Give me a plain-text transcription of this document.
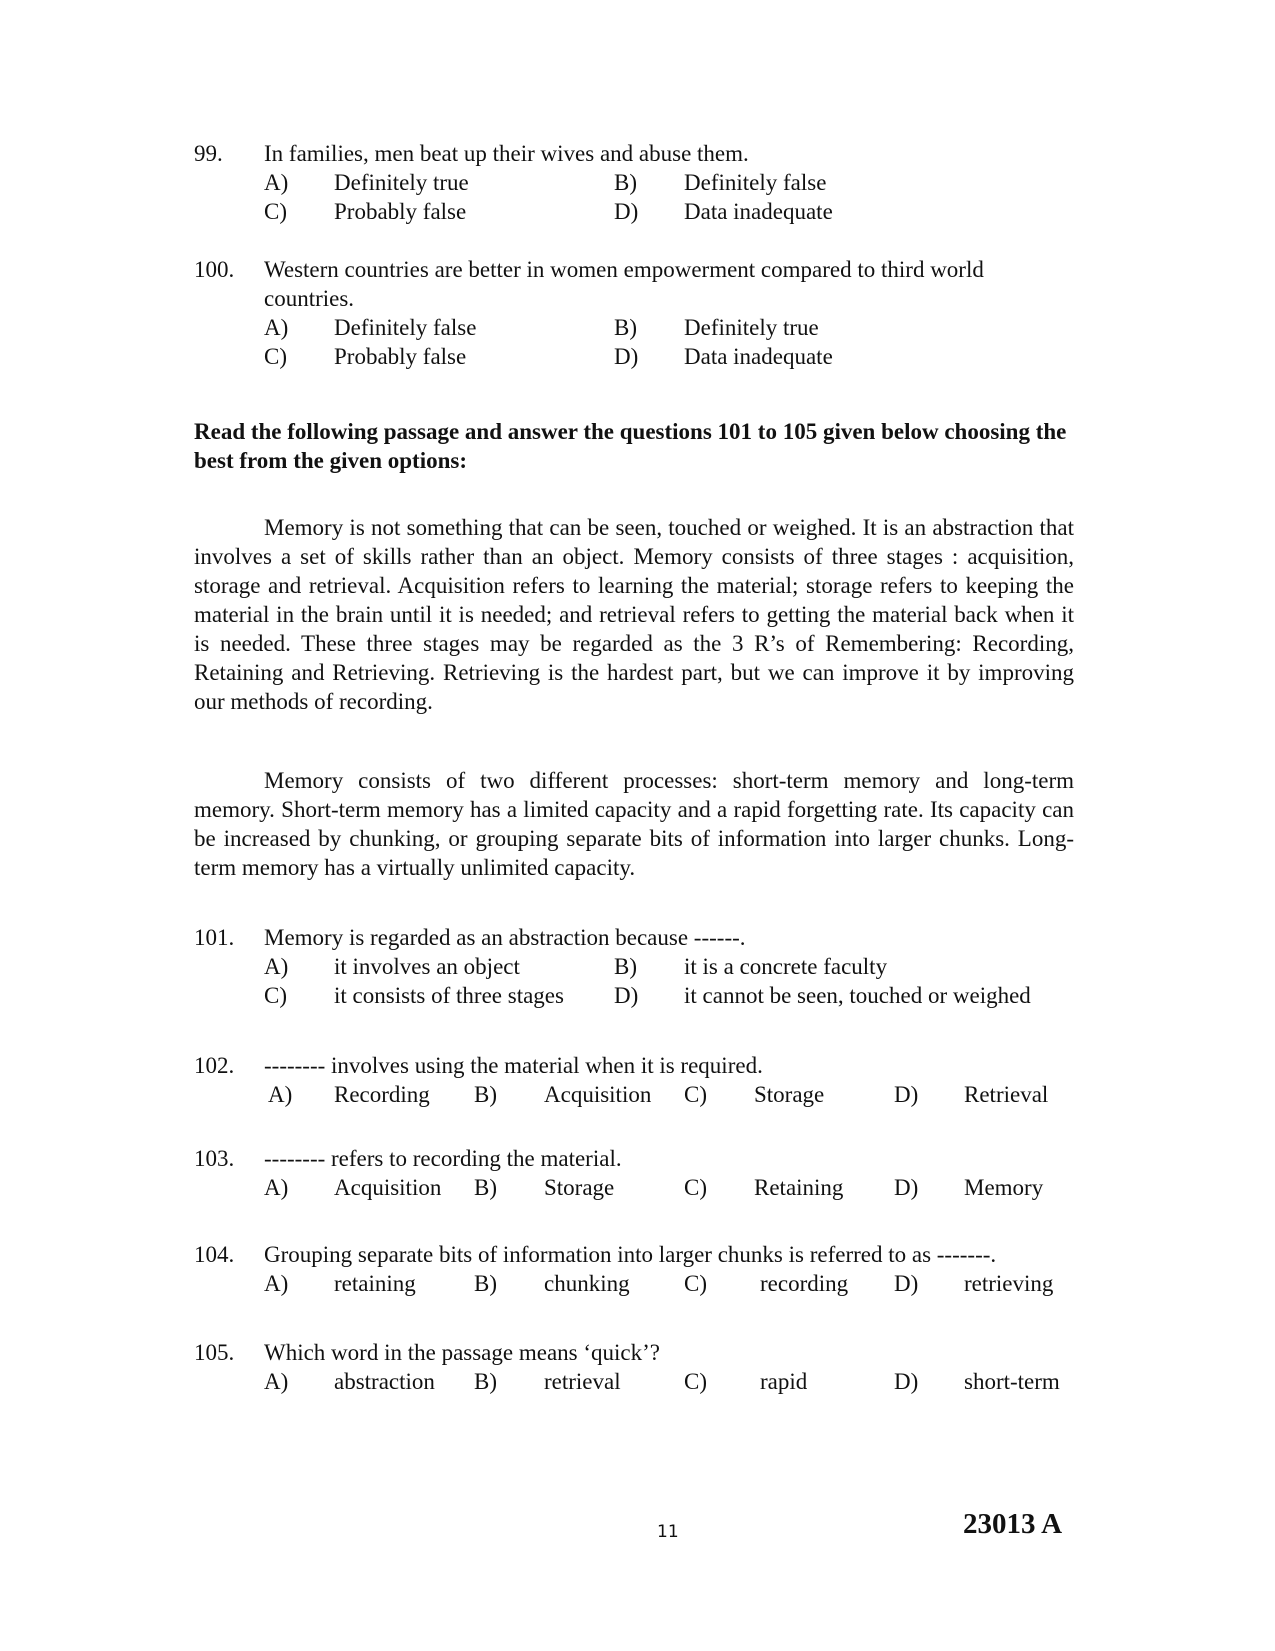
99. In families, men beat up their wives and abuse them.
A) Definitely true	B) Definitely false
C) Probably false	D) Data inadequate
100. Western countries are better in women empowerment compared to third world
countries.
A) Definitely false	B) Definitely true
C) Probably false	D) Data inadequate
Read the following passage and answer the questions 101 to 105 given below choosing the best from the given options:
Memory is not something that can be seen, touched or weighed. It is an abstraction that involves a set of skills rather than an object. Memory consists of three stages : acquisition, storage and retrieval. Acquisition refers to learning the material; storage refers to keeping the material in the brain until it is needed; and retrieval refers to getting the material back when it is needed. These three stages may be regarded as the 3 R’s of Remembering: Recording, Retaining and Retrieving. Retrieving is the hardest part, but we can improve it by improving our methods of recording.
Memory consists of two different processes: short-term memory and long-term memory. Short-term memory has a limited capacity and a rapid forgetting rate. Its capacity can be increased by chunking, or grouping separate bits of information into larger chunks. Long-term memory has a virtually unlimited capacity.
101. Memory is regarded as an abstraction because ------.
A) it involves an object	B) it is a concrete faculty
C) it consists of three stages D) it cannot be seen, touched or weighed
102. -------- involves using the material when it is required.
A) Recording B) Acquisition C) Storage	D) Retrieval
103. -------- refers to recording the material.
A) Acquisition B) Storage	C) Retaining D) Memory
104. Grouping separate bits of information into larger chunks is referred to as -------.
A) retaining	B) chunking C) recording D) retrieving
105. Which word in the passage means ‘quick’?
A) abstraction B) retrieval	C) rapid	D) short-term
11	23013 A
